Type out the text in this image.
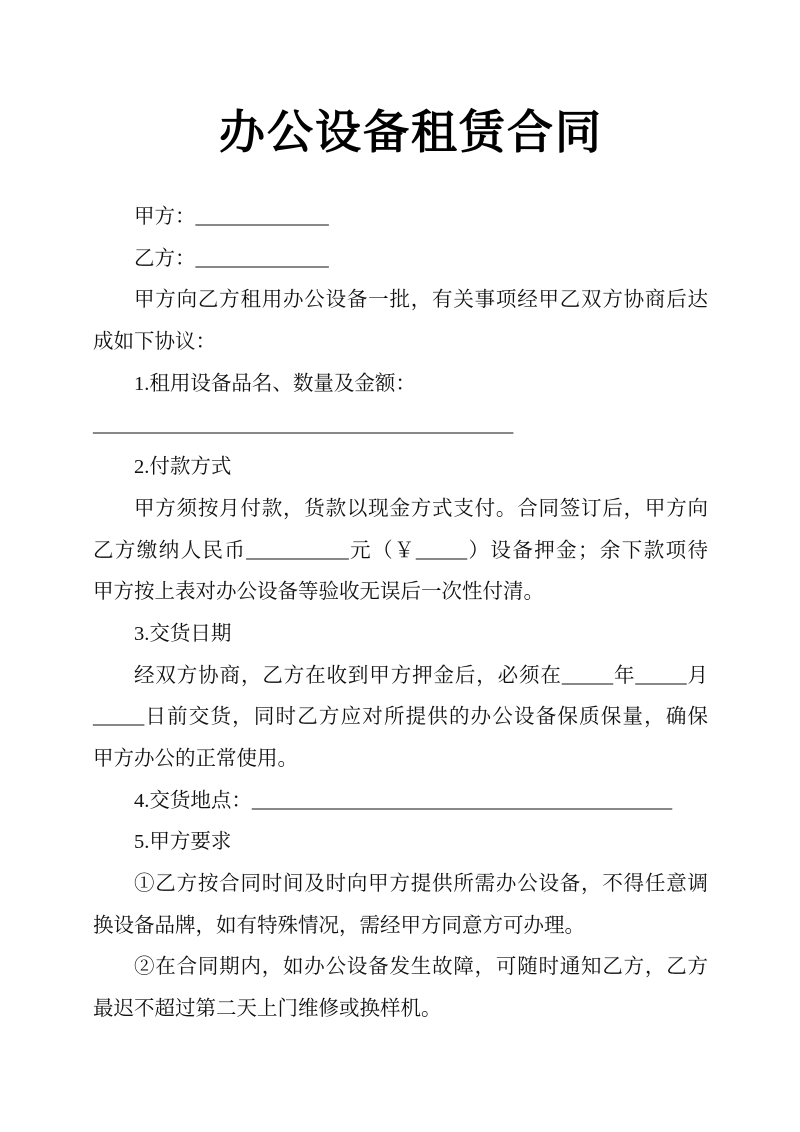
办公设备租赁合同
甲方：_____________
乙方：_____________
甲方向乙方租用办公设备一批，有关事项经甲乙双方协商后达
成如下协议：
1.租用设备品名、数量及金额：
_________________________________________
2.付款方式
甲方须按月付款，货款以现金方式支付。合同签订后，甲方向
乙方缴纳人民币__________元（￥_____）设备押金；余下款项待
甲方按上表对办公设备等验收无误后一次性付清。
3.交货日期
经双方协商，乙方在收到甲方押金后，必须在_____年_____月
_____日前交货，同时乙方应对所提供的办公设备保质保量，确保
甲方办公的正常使用。
4.交货地点：_________________________________________
5.甲方要求
①乙方按合同时间及时向甲方提供所需办公设备，不得任意调
换设备品牌，如有特殊情况，需经甲方同意方可办理。
②在合同期内，如办公设备发生故障，可随时通知乙方，乙方
最迟不超过第二天上门维修或换样机。
